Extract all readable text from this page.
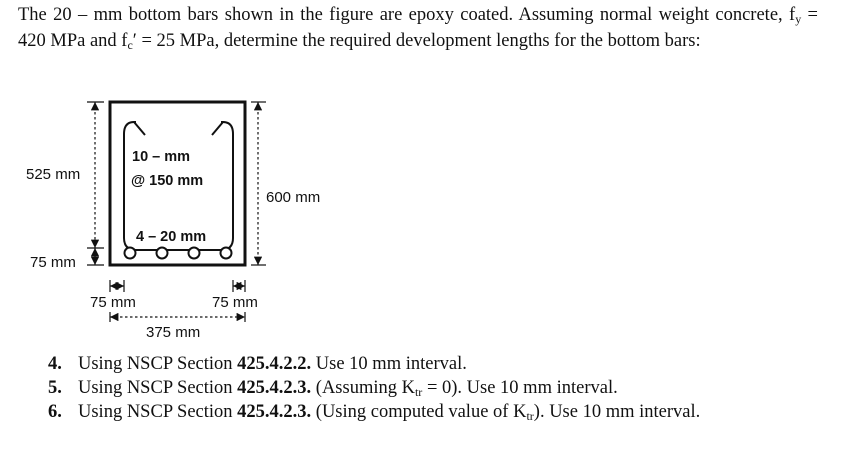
The 20 – mm bottom bars shown in the figure are epoxy coated. Assuming normal weight concrete, $f_y = 420$ MPa and $f_c' = 25$ MPa, determine the required development lengths for the bottom bars:

10 – mm
@ 150 mm
4 – 20 mm
525 mm
75 mm
600 mm
75 mm	75 mm
375 mm
4. Using NSCP Section 425.4.2.2. Use 10 mm interval.
5. Using NSCP Section 425.4.2.3. (Assuming $K_{tr} = 0$). Use 10 mm interval.
6. Using NSCP Section 425.4.2.3. (Using computed value of $K_{tr}$). Use 10 mm interval.
